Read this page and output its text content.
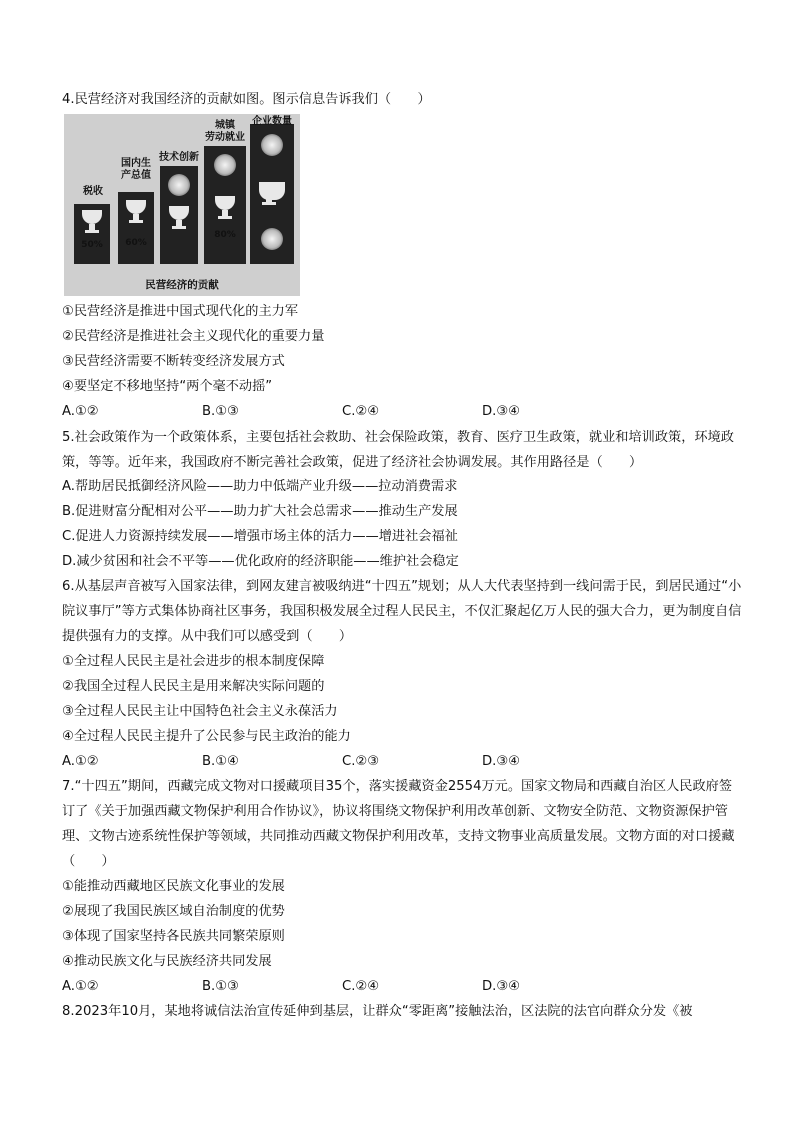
4.民营经济对我国经济的贡献如图。图示信息告诉我们（　　）
50%	60%
80%
税收
国内生
产总值
技术创新
城镇
劳动就业
企业数量
民营经济的贡献
①民营经济是推进中国式现代化的主力军
②民营经济是推进社会主义现代化的重要力量
③民营经济需要不断转变经济发展方式
④要坚定不移地坚持“两个毫不动摇”
A.①②	B.①③	C.②④	D.③④
5.社会政策作为一个政策体系，主要包括社会救助、社会保险政策，教育、医疗卫生政策，就业和培训政策，环境政策，等等。近年来，我国政府不断完善社会政策，促进了经济社会协调发展。其作用路径是（　　）
A.帮助居民抵御经济风险——助力中低端产业升级——拉动消费需求
B.促进财富分配相对公平——助力扩大社会总需求——推动生产发展
C.促进人力资源持续发展——增强市场主体的活力——增进社会福祉
D.减少贫困和社会不平等——优化政府的经济职能——维护社会稳定
6.从基层声音被写入国家法律，到网友建言被吸纳进“十四五”规划；从人大代表坚持到一线问需于民，到居民通过“小院议事厅”等方式集体协商社区事务，我国积极发展全过程人民民主，不仅汇聚起亿万人民的强大合力，更为制度自信提供强有力的支撑。从中我们可以感受到（　　）
①全过程人民民主是社会进步的根本制度保障
②我国全过程人民民主是用来解决实际问题的
③全过程人民民主让中国特色社会主义永葆活力
④全过程人民民主提升了公民参与民主政治的能力
A.①②	B.①④	C.②③	D.③④
7.“十四五”期间，西藏完成文物对口援藏项目35个，落实援藏资金2554万元。国家文物局和西藏自治区人民政府签订了《关于加强西藏文物保护利用合作协议》，协议将围绕文物保护利用改革创新、文物安全防范、文物资源保护管理、文物古迹系统性保护等领域，共同推动西藏文物保护利用改革，支持文物事业高质量发展。文物方面的对口援藏（　　）
①能推动西藏地区民族文化事业的发展
②展现了我国民族区域自治制度的优势
③体现了国家坚持各民族共同繁荣原则
④推动民族文化与民族经济共同发展
A.①②	B.①③	C.②④	D.③④
8.2023年10月，某地将诚信法治宣传延伸到基层，让群众“零距离”接触法治，区法院的法官向群众分发《被
